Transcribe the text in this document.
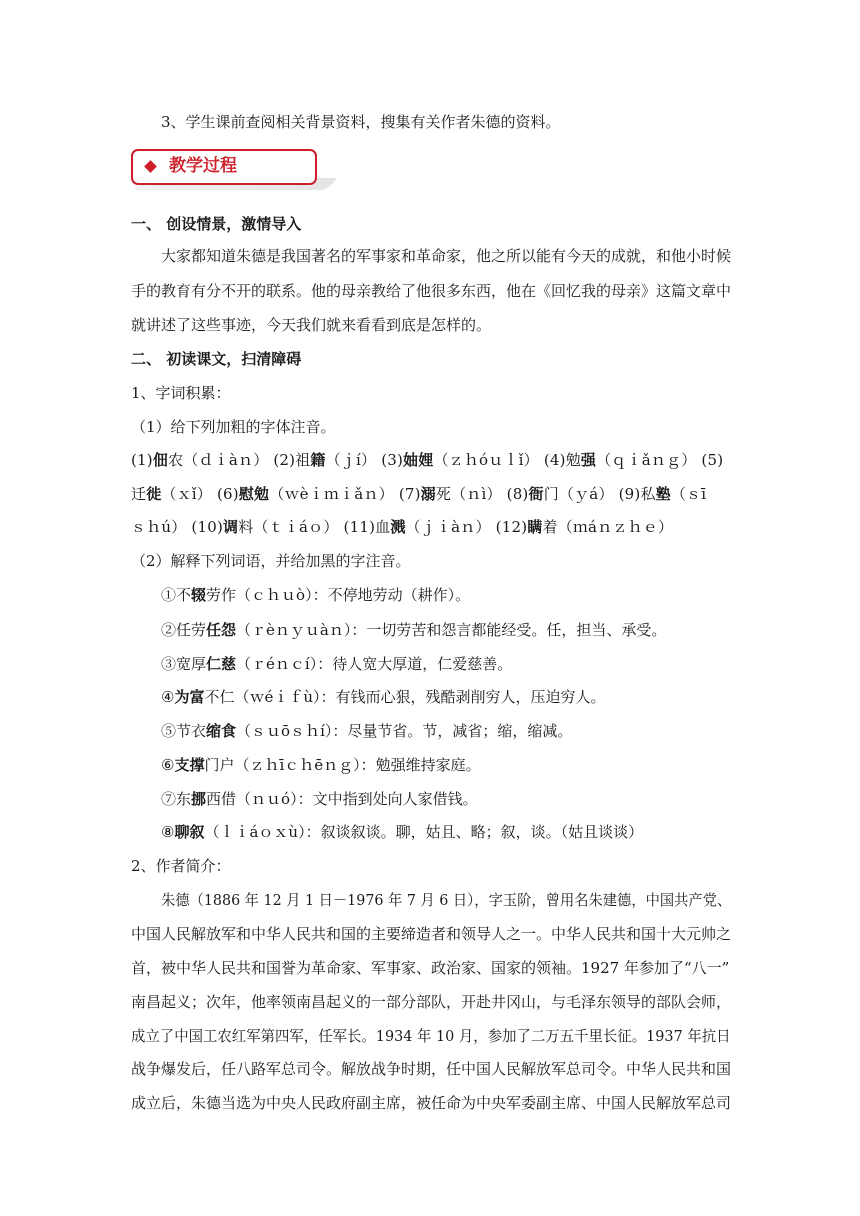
3、学生课前查阅相关背景资料，搜集有关作者朱德的资料。
教学过程
一、 创设情景，激情导入
大家都知道朱德是我国著名的军事家和革命家，他之所以能有今天的成就，和他小时候
手的教育有分不开的联系。他的母亲教给了他很多东西，他在《回忆我的母亲》这篇文章中
就讲述了这些事迹，今天我们就来看看到底是怎样的。
二、 初读课文，扫清障碍
1、字词积累：
（1）给下列加粗的字体注音。
(1)佃农（ｄｉàｎ） (2)祖籍（ｊí） (3)妯娌（ｚｈóｕｌǐ） (4)勉强（ｑｉǎｎｇ） (5)
迁徙（ｘǐ） (6)慰勉（ｗèｉｍｉǎｎ） (7)溺死（ｎì） (8)衙门（ｙá） (9)私塾（ｓī
ｓｈú） (10)调料（ｔｉáｏ） (11)血溅（ｊｉàｎ） (12)瞒着（ｍáｎｚｈｅ）
（2）解释下列词语，并给加黑的字注音。
①不辍劳作（ｃｈｕò）：不停地劳动（耕作）。
②任劳任怨（ｒèｎｙｕàｎ）：一切劳苦和怨言都能经受。任，担当、承受。
③宽厚仁慈（ｒéｎｃí）：待人宽大厚道，仁爱慈善。
④为富不仁（ｗéｉｆù）：有钱而心狠，残酷剥削穷人，压迫穷人。
⑤节衣缩食（ｓｕōｓｈí）：尽量节省。节，减省；缩，缩减。
⑥支撑门户（ｚｈīｃｈēｎｇ）：勉强维持家庭。
⑦东挪西借（ｎｕó）：文中指到处向人家借钱。
⑧聊叙（ｌｉáｏｘù）：叙谈叙谈。聊，姑且、略；叙，谈。（姑且谈谈）
2、作者简介：
朱德（1886 年 12 月 1 日－1976 年 7 月 6 日），字玉阶，曾用名朱建德，中国共产党、
中国人民解放军和中华人民共和国的主要缔造者和领导人之一。中华人民共和国十大元帅之
首，被中华人民共和国誉为革命家、军事家、政治家、国家的领袖。1927 年参加了“八一”
南昌起义；次年，他率领南昌起义的一部分部队，开赴井冈山，与毛泽东领导的部队会师，
成立了中国工农红军第四军，任军长。1934 年 10 月，参加了二万五千里长征。1937 年抗日
战争爆发后，任八路军总司令。解放战争时期，任中国人民解放军总司令。中华人民共和国
成立后，朱德当选为中央人民政府副主席，被任命为中央军委副主席、中国人民解放军总司
